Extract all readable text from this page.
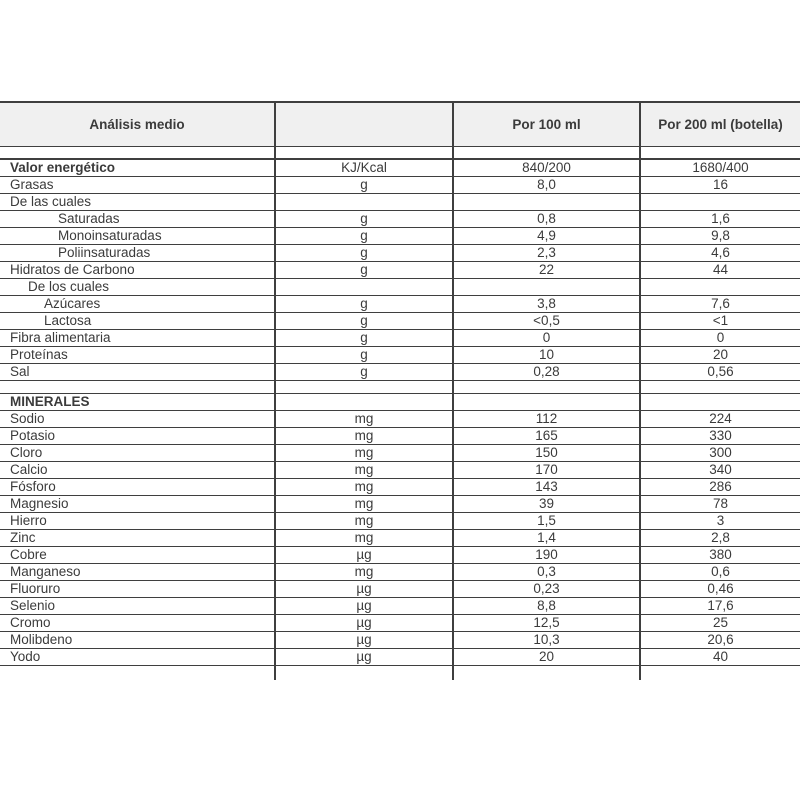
Análisis medio		Por 100 ml	Por 200 ml (botella)

Valor energético	KJ/Kcal	840/200	1680/400
Grasas	g	8,0	16
De las cuales			
Saturadas	g	0,8	1,6
Monoinsaturadas	g	4,9	9,8
Poliinsaturadas	g	2,3	4,6
Hidratos de Carbono	g	22	44
De los cuales			
Azúcares	g	3,8	7,6
Lactosa	g	<0,5	<1
Fibra alimentaria	g	0	0
Proteínas	g	10	20
Sal	g	0,28	0,56

MINERALES			
Sodio	mg	112	224
Potasio	mg	165	330
Cloro	mg	150	300
Calcio	mg	170	340
Fósforo	mg	143	286
Magnesio	mg	39	78
Hierro	mg	1,5	3
Zinc	mg	1,4	2,8
Cobre	µg	190	380
Manganeso	mg	0,3	0,6
Fluoruro	µg	0,23	0,46
Selenio	µg	8,8	17,6
Cromo	µg	12,5	25
Molibdeno	µg	10,3	20,6
Yodo	µg	20	40
